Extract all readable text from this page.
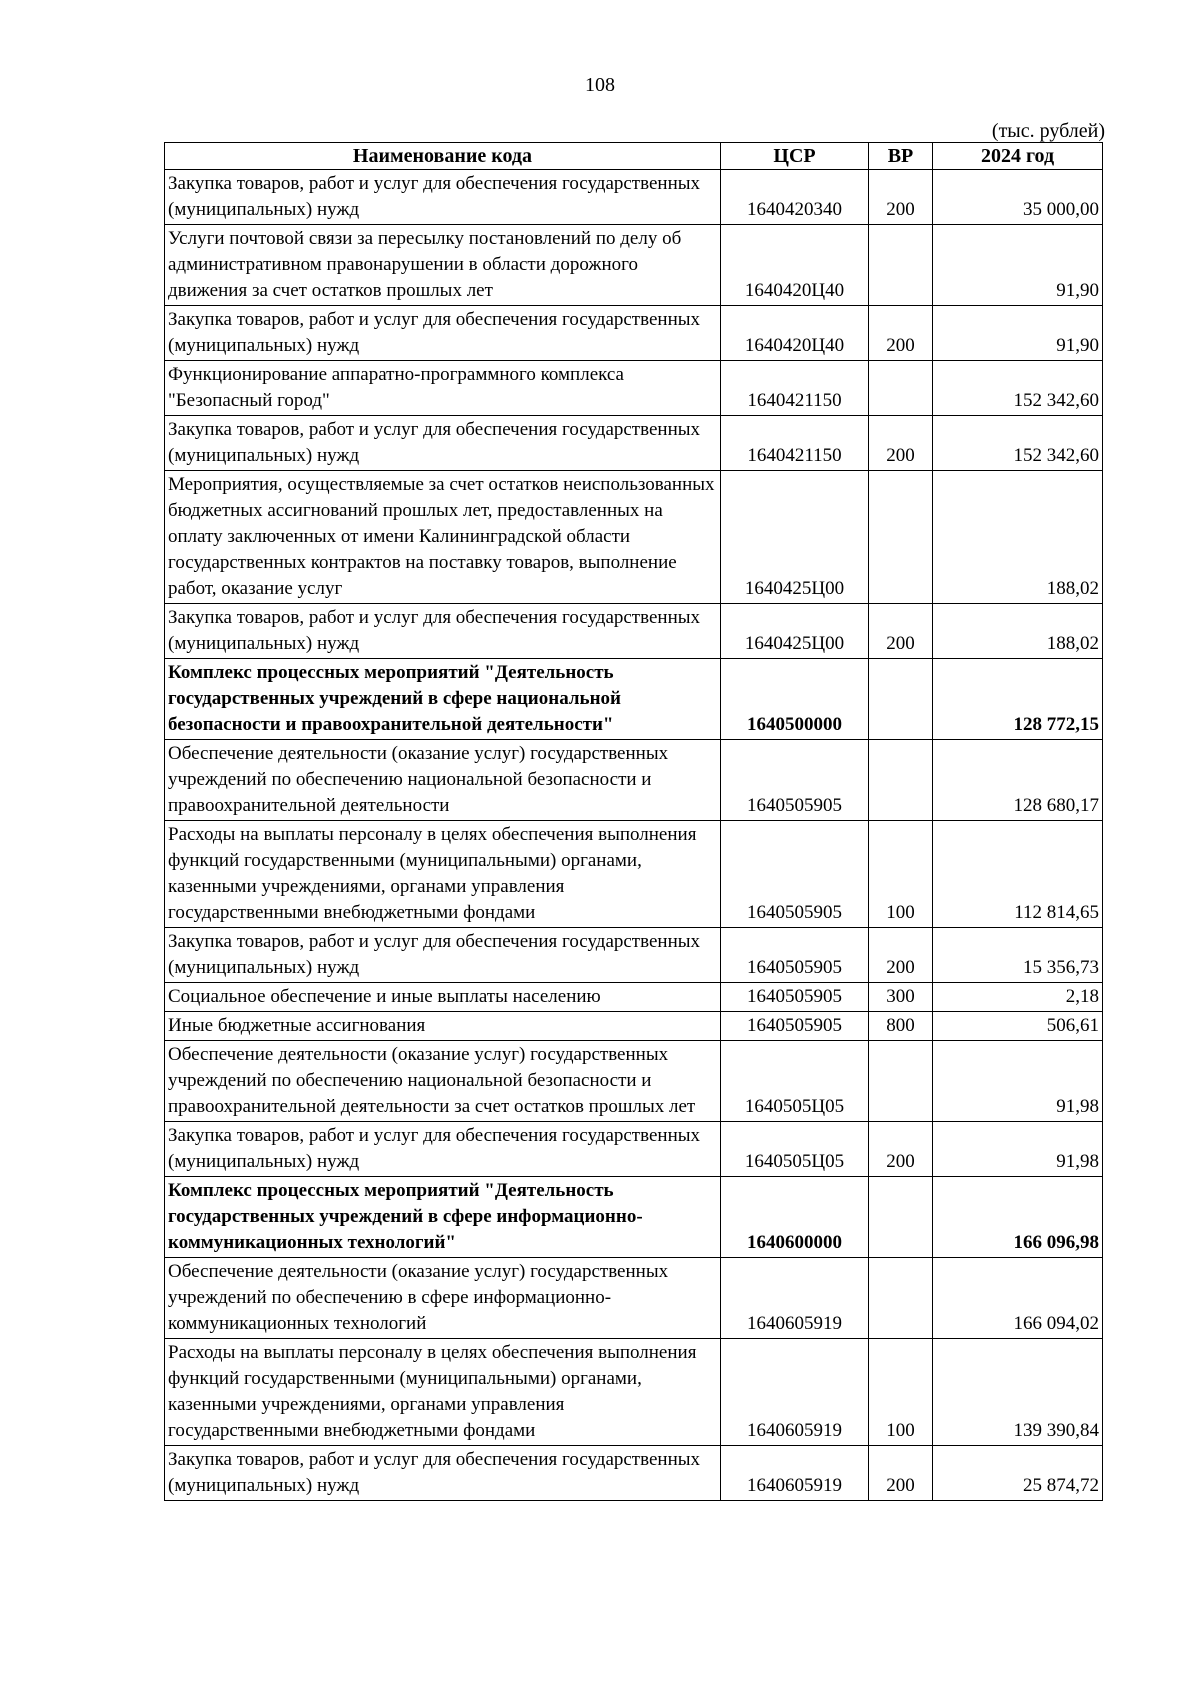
108
(тыс. рублей)
Наименование кода	ЦСР	ВР	2024 год
Закупка товаров, работ и услуг для обеспечения государственных (муниципальных) нужд	1640420340	200	35 000,00
Услуги почтовой связи за пересылку постановлений по делу об административном правонарушении в области дорожного движения за счет остатков прошлых лет	1640420Ц40		91,90
Закупка товаров, работ и услуг для обеспечения государственных (муниципальных) нужд	1640420Ц40	200	91,90
Функционирование аппаратно-программного комплекса "Безопасный город"	1640421150		152 342,60
Закупка товаров, работ и услуг для обеспечения государственных (муниципальных) нужд	1640421150	200	152 342,60
Мероприятия, осуществляемые за счет остатков неиспользованных бюджетных ассигнований прошлых лет, предоставленных на оплату заключенных от имени Калининградской области государственных контрактов на поставку товаров, выполнение работ, оказание услуг	1640425Ц00		188,02
Закупка товаров, работ и услуг для обеспечения государственных (муниципальных) нужд	1640425Ц00	200	188,02
Комплекс процессных мероприятий "Деятельность государственных учреждений в сфере национальной безопасности и правоохранительной деятельности"	1640500000		128 772,15
Обеспечение деятельности (оказание услуг) государственных учреждений по обеспечению национальной безопасности и правоохранительной деятельности	1640505905		128 680,17
Расходы на выплаты персоналу в целях обеспечения выполнения функций государственными (муниципальными) органами, казенными учреждениями, органами управления государственными внебюджетными фондами	1640505905	100	112 814,65
Закупка товаров, работ и услуг для обеспечения государственных (муниципальных) нужд	1640505905	200	15 356,73
Социальное обеспечение и иные выплаты населению	1640505905	300	2,18
Иные бюджетные ассигнования	1640505905	800	506,61
Обеспечение деятельности (оказание услуг) государственных учреждений по обеспечению национальной безопасности и правоохранительной деятельности за счет остатков прошлых лет	1640505Ц05		91,98
Закупка товаров, работ и услуг для обеспечения государственных (муниципальных) нужд	1640505Ц05	200	91,98
Комплекс процессных мероприятий "Деятельность государственных учреждений в сфере информационно-коммуникационных технологий"	1640600000		166 096,98
Обеспечение деятельности (оказание услуг) государственных учреждений по обеспечению в сфере информационно-коммуникационных технологий	1640605919		166 094,02
Расходы на выплаты персоналу в целях обеспечения выполнения функций государственными (муниципальными) органами, казенными учреждениями, органами управления государственными внебюджетными фондами	1640605919	100	139 390,84
Закупка товаров, работ и услуг для обеспечения государственных (муниципальных) нужд	1640605919	200	25 874,72
